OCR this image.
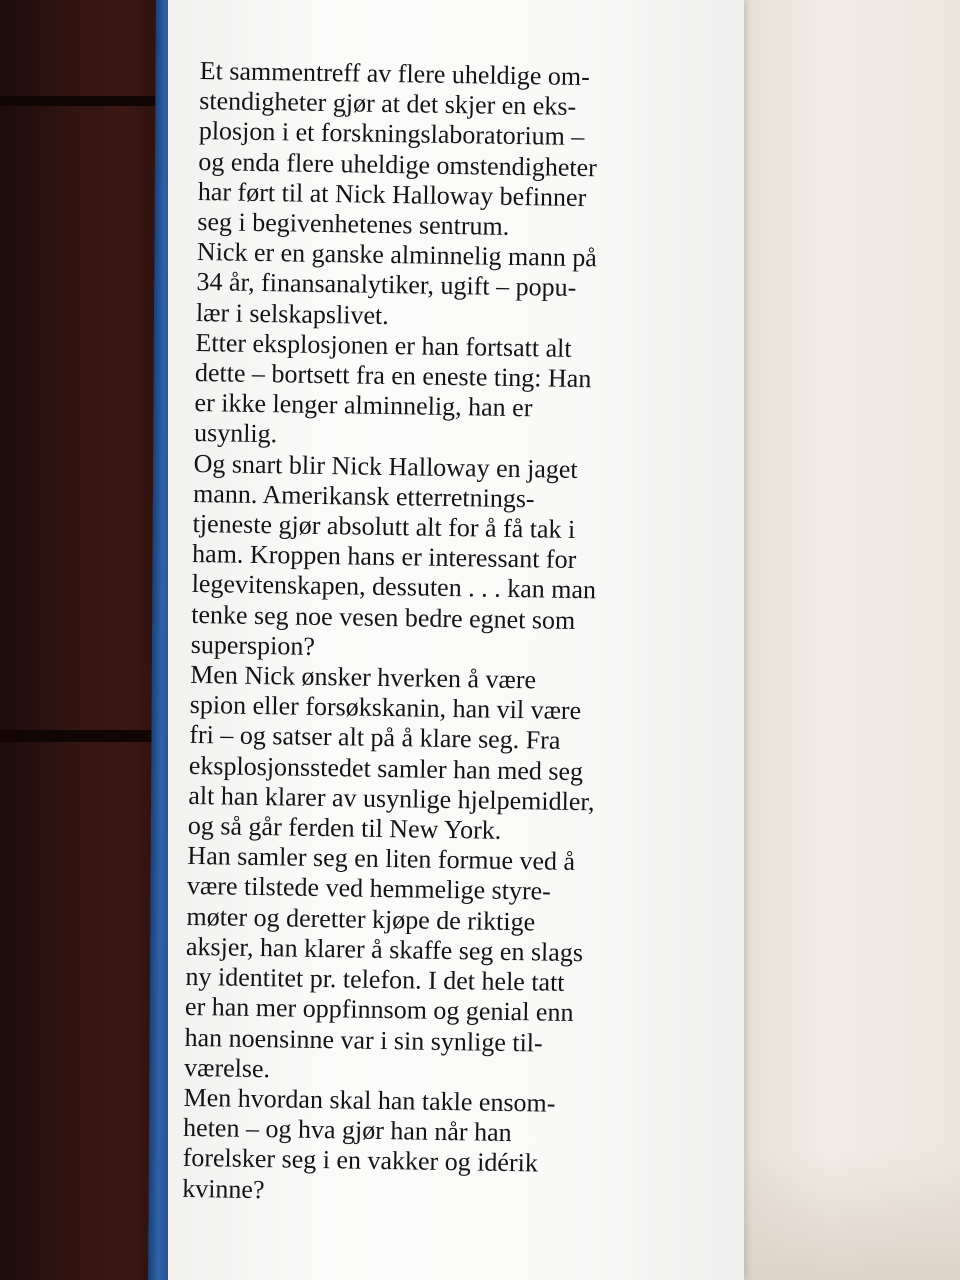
Et sammentreff av flere uheldige om-
stendigheter gjør at det skjer en eks-
plosjon i et forskningslaboratorium –
og enda flere uheldige omstendigheter
har ført til at Nick Halloway befinner
seg i begivenhetenes sentrum.
Nick er en ganske alminnelig mann på
34 år, finansanalytiker, ugift – popu-
lær i selskapslivet.
Etter eksplosjonen er han fortsatt alt
dette – bortsett fra en eneste ting: Han
er ikke lenger alminnelig, han er
usynlig.
Og snart blir Nick Halloway en jaget
mann. Amerikansk etterretnings-
tjeneste gjør absolutt alt for å få tak i
ham. Kroppen hans er interessant for
legevitenskapen, dessuten . . . kan man
tenke seg noe vesen bedre egnet som
superspion?
Men Nick ønsker hverken å være
spion eller forsøkskanin, han vil være
fri – og satser alt på å klare seg. Fra
eksplosjonsstedet samler han med seg
alt han klarer av usynlige hjelpemidler,
og så går ferden til New York.
Han samler seg en liten formue ved å
være tilstede ved hemmelige styre-
møter og deretter kjøpe de riktige
aksjer, han klarer å skaffe seg en slags
ny identitet pr. telefon. I det hele tatt
er han mer oppfinnsom og genial enn
han noensinne var i sin synlige til-
værelse.
Men hvordan skal han takle ensom-
heten – og hva gjør han når han
forelsker seg i en vakker og idérik
kvinne?
